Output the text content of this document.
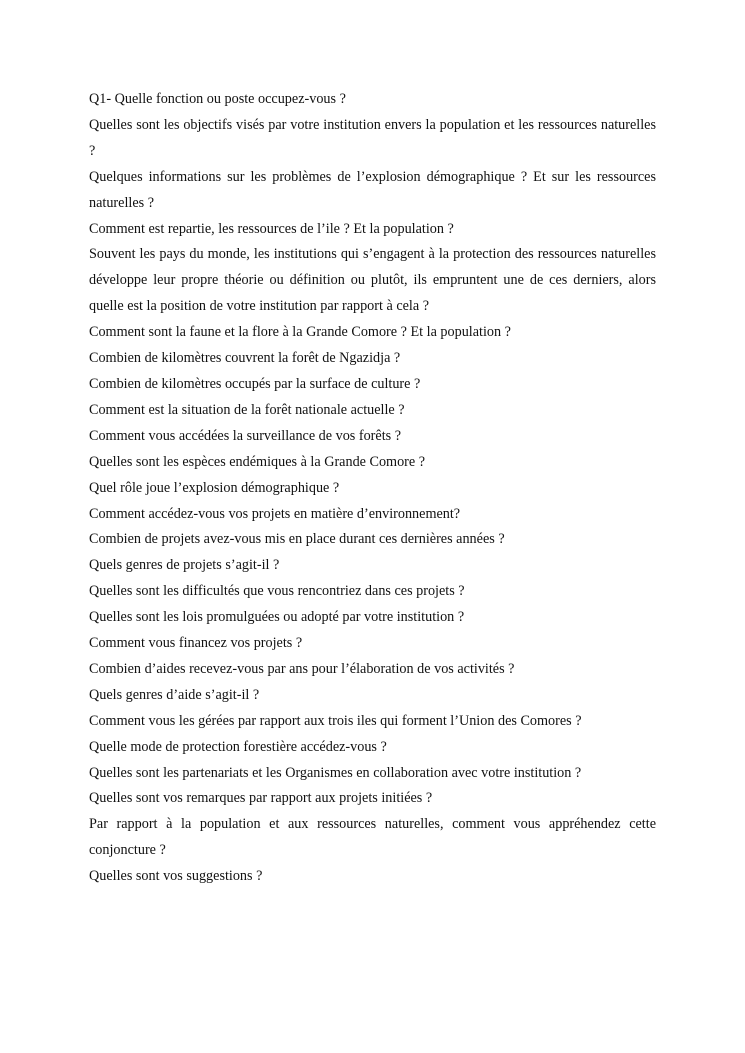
Q1- Quelle fonction ou poste occupez-vous ?

Quelles sont les objectifs visés par votre institution envers la population et les ressources naturelles ?

Quelques informations sur les problèmes de l’explosion démographique ? Et sur les ressources naturelles ?

Comment est repartie, les ressources de l’ile ? Et la population ?

Souvent les pays du monde, les institutions qui s’engagent à la protection des ressources naturelles développe leur propre théorie ou définition ou plutôt, ils empruntent une de ces derniers, alors quelle est la position de votre institution par rapport à cela ?

Comment sont la faune et la flore à la Grande Comore ? Et la population ?

Combien de kilomètres couvrent la forêt de Ngazidja ?

Combien de kilomètres occupés par la surface de culture ?

Comment est la situation de la forêt nationale actuelle ?

Comment vous accédées la surveillance de vos forêts ?

Quelles sont les espèces endémiques à la Grande Comore ?

Quel rôle joue l’explosion démographique ?

Comment accédez-vous vos projets en matière d’environnement?

Combien de projets avez-vous mis en place durant ces dernières années ?

Quels genres de projets s’agit-il ?

Quelles sont les difficultés que vous rencontriez dans ces projets ?

Quelles sont les lois promulguées ou adopté par votre institution ?

Comment vous financez vos projets ?

Combien d’aides recevez-vous par ans pour l’élaboration de vos activités ?

Quels genres d’aide s’agit-il ?

Comment vous les gérées par rapport aux trois iles qui forment l’Union des Comores ?

Quelle mode de protection forestière accédez-vous ?

Quelles sont les partenariats et les Organismes en collaboration avec votre institution ?

Quelles sont vos remarques par rapport aux projets initiées ?

Par rapport à la population et aux ressources naturelles, comment vous appréhendez cette conjoncture ?

Quelles sont vos suggestions ?
